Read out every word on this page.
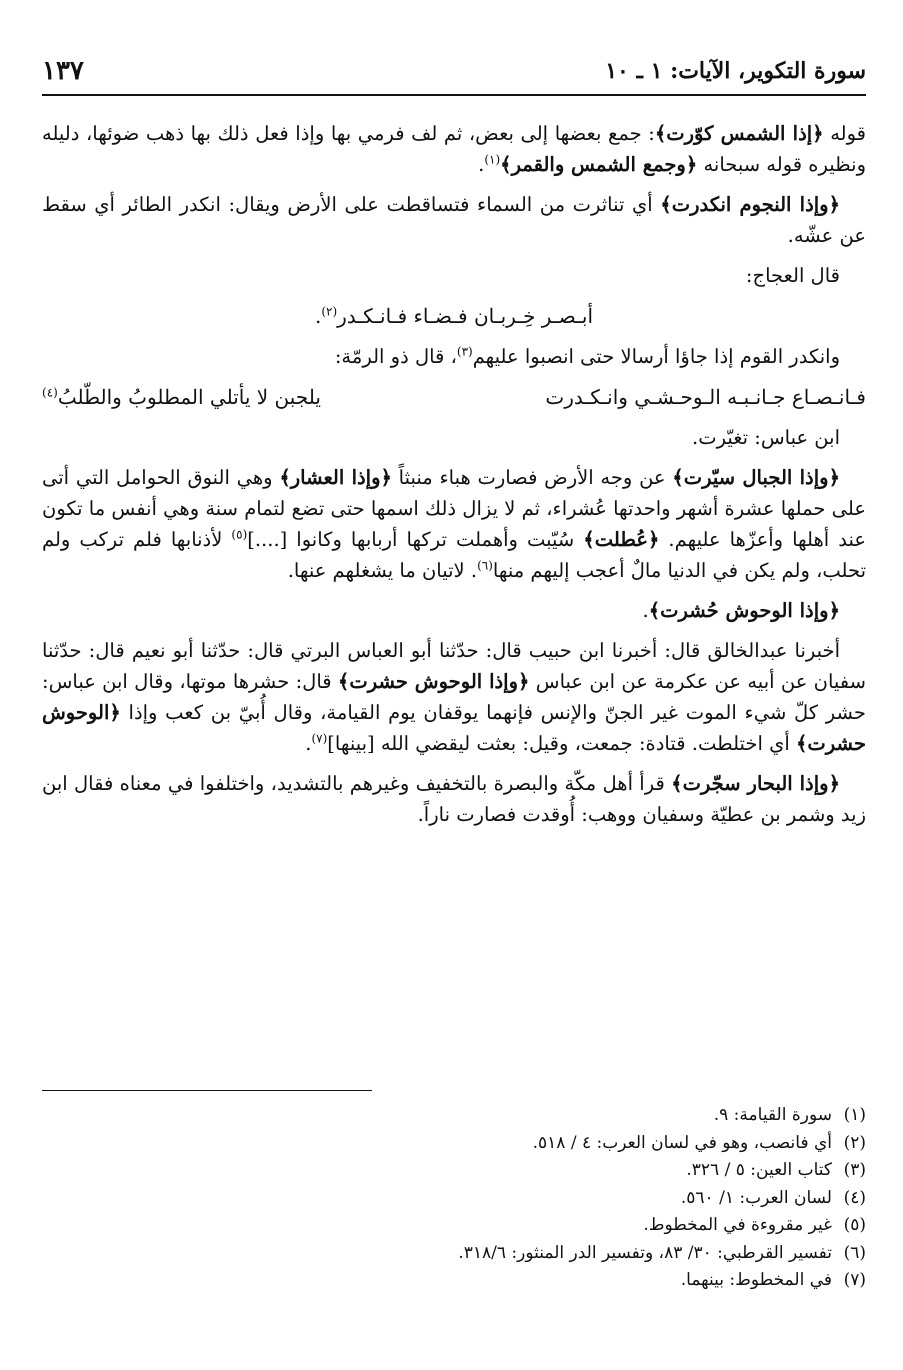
سورة التكوير، الآيات: ١ ـ ١٠
١٣٧

قوله ﴿إذا الشمس كوّرت﴾: جمع بعضها إلى بعض، ثم لف فرمي بها وإذا فعل ذلك بها ذهب ضوئها، دليله ونظيره قوله سبحانه ﴿وجمع الشمس والقمر﴾$^{(١)}$.

﴿وإذا النجوم انكدرت﴾ أي تناثرت من السماء فتساقطت على الأرض ويقال: انكدر الطائر أي سقط عن عشّه.

قال العجاج:

أبـصـر خِـربـان فـضـاء فـانـكـدر$^{(٢)}$.

وانكدر القوم إذا جاؤا أرسالا حتى انصبوا عليهم$^{(٣)}$، قال ذو الرمّة:

فـانـصـاع جـانـبـه الـوحـشـي وانـكـدرت
يلجبن لا يأتلي المطلوبُ والطّلبُ$^{(٤)}$

ابن عباس: تغيّرت.

﴿وإذا الجبال سيّرت﴾ عن وجه الأرض فصارت هباء منبثاً ﴿وإذا العشار﴾ وهي النوق الحوامل التي أتى على حملها عشرة أشهر واحدتها عُشراء، ثم لا يزال ذلك اسمها حتى تضع لتمام سنة وهي أنفس ما تكون عند أهلها وأعزّها عليهم. ﴿عُطلت﴾ سُيّبت وأهملت تركها أربابها وكانوا [....]$^{(٥)}$ لأذنابها فلم تركب ولم تحلب، ولم يكن في الدنيا مالٌ أعجب إليهم منها$^{(٦)}$. لاتيان ما يشغلهم عنها.

﴿وإذا الوحوش حُشرت﴾.

أخبرنا عبدالخالق قال: أخبرنا ابن حبيب قال: حدّثنا أبو العباس البرتي قال: حدّثنا أبو نعيم قال: حدّثنا سفيان عن أبيه عن عكرمة عن ابن عباس ﴿وإذا الوحوش حشرت﴾ قال: حشرها موتها، وقال ابن عباس: حشر كلّ شيء الموت غير الجنّ والإنس فإنهما يوقفان يوم القيامة، وقال أُبيّ بن كعب وإذا ﴿الوحوش حشرت﴾ أي اختلطت. قتادة: جمعت، وقيل: بعثت ليقضي الله [بينها]$^{(٧)}$.

﴿وإذا البحار سجّرت﴾ قرأ أهل مكّة والبصرة بالتخفيف وغيرهم بالتشديد، واختلفوا في معناه فقال ابن زيد وشمر بن عطيّة وسفيان ووهب: أُوقدت فصارت ناراً.

(١)سورة القيامة: ٩.
(٢)أي فانصب، وهو في لسان العرب: ٤ / ٥١٨.
(٣)كتاب العين: ٥ / ٣٢٦.
(٤)لسان العرب: ١/ ٥٦٠.
(٥)غير مقروءة في المخطوط.
(٦)تفسير القرطبي: ٣٠/ ٨٣، وتفسير الدر المنثور: ٣١٨/٦.
(٧)في المخطوط: بينهما.
